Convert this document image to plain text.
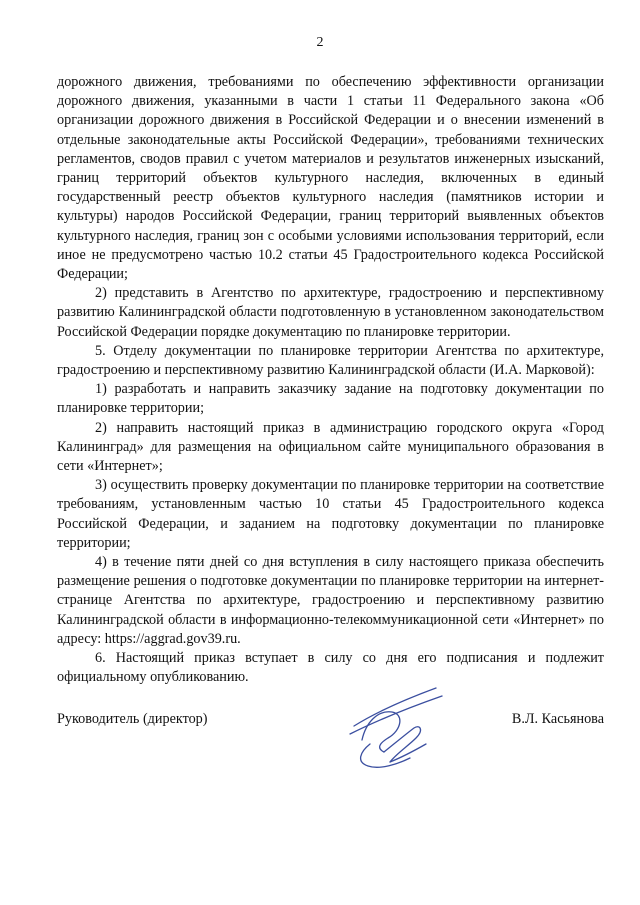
2

дорожного движения, требованиями по обеспечению эффективности организации дорожного движения, указанными в части 1 статьи 11 Федерального закона «Об организации дорожного движения в Российской Федерации и о внесении изменений в отдельные законодательные акты Российской Федерации», требованиями технических регламентов, сводов правил с учетом материалов и результатов инженерных изысканий, границ территорий объектов культурного наследия, включенных в единый государственный реестр объектов культурного наследия (памятников истории и культуры) народов Российской Федерации, границ территорий выявленных объектов культурного наследия, границ зон с особыми условиями использования территорий, если иное не предусмотрено частью 10.2 статьи 45 Градостроительного кодекса Российской Федерации;

2) представить в Агентство по архитектуре, градостроению и перспективному развитию Калининградской области подготовленную в установленном законодательством Российской Федерации порядке документацию по планировке территории.

5. Отделу документации по планировке территории Агентства по архитектуре, градостроению и перспективному развитию Калининградской области (И.А. Марковой):

1) разработать и направить заказчику задание на подготовку документации по планировке территории;

2) направить настоящий приказ в администрацию городского округа «Город Калининград» для размещения на официальном сайте муниципального образования в сети «Интернет»;

3) осуществить проверку документации по планировке территории на соответствие требованиям, установленным частью 10 статьи 45 Градостроительного кодекса Российской Федерации, и заданием на подготовку документации по планировке территории;

4) в течение пяти дней со дня вступления в силу настоящего приказа обеспечить размещение решения о подготовке документации по планировке территории на интернет-странице Агентства по архитектуре, градостроению и перспективному развитию Калининградской области в информационно-телекоммуникационной сети «Интернет» по адресу: https://aggrad.gov39.ru.

6. Настоящий приказ вступает в силу со дня его подписания и подлежит официальному опубликованию.

Руководитель (директор)	В.Л. Касьянова
